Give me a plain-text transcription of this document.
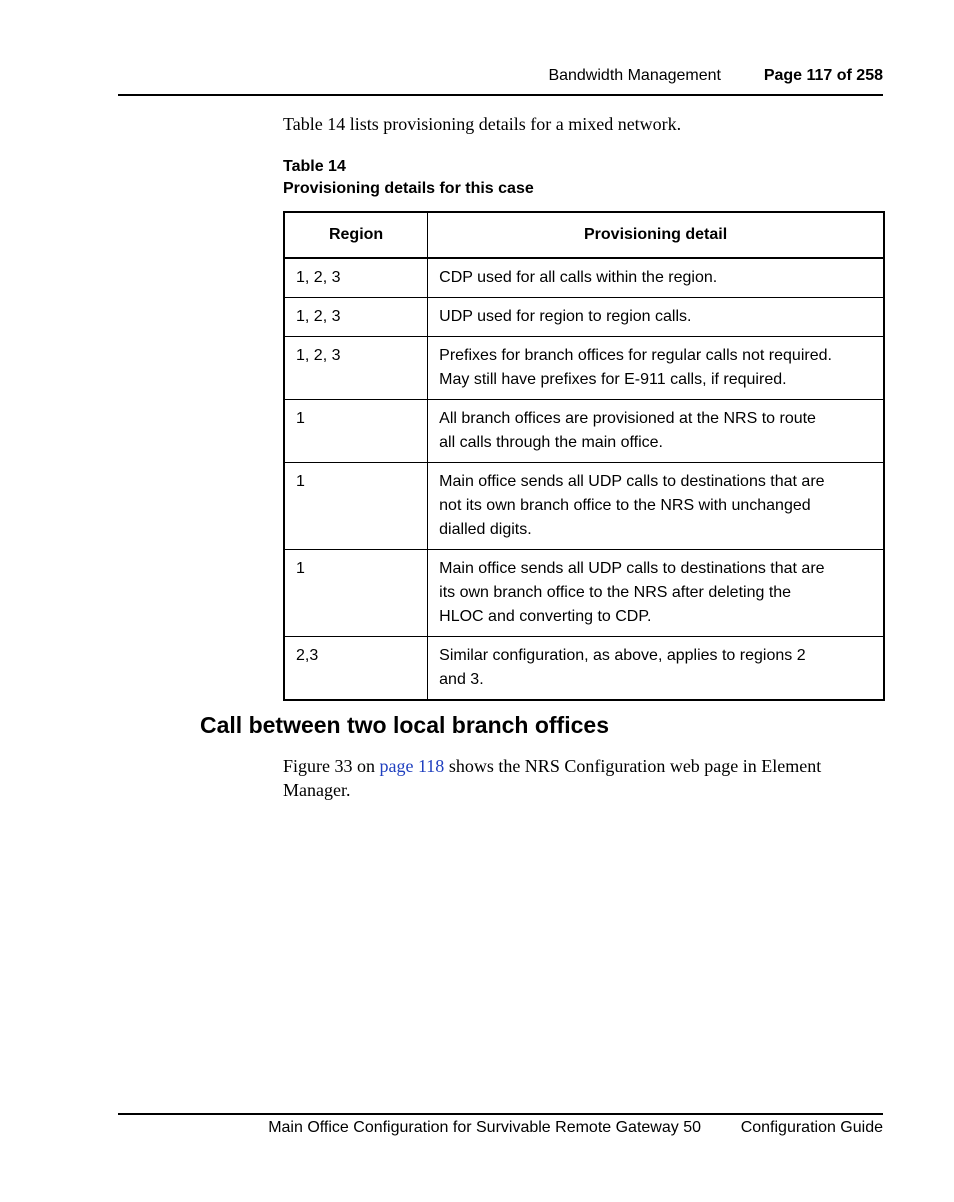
Bandwidth Management	Page 117 of 258
Table 14 lists provisioning details for a mixed network.
Table 14
Provisioning details for this case
Region	Provisioning detail
1, 2, 3	CDP used for all calls within the region.

1, 2, 3	UDP used for region to region calls.

1, 2, 3	Prefixes for branch offices for regular calls not required.
May still have prefixes for E-911 calls, if required.

1	All branch offices are provisioned at the NRS to route
all calls through the main office.

1	Main office sends all UDP calls to destinations that are
not its own branch office to the NRS with unchanged
dialled digits.

1	Main office sends all UDP calls to destinations that are
its own branch office to the NRS after deleting the
HLOC and converting to CDP.

2,3	Similar configuration, as above, applies to regions 2
and 3.
Call between two local branch offices
Figure 33 on page 118 shows the NRS Configuration web page in Element Manager.
Main Office Configuration for Survivable Remote Gateway 50 Configuration Guide
